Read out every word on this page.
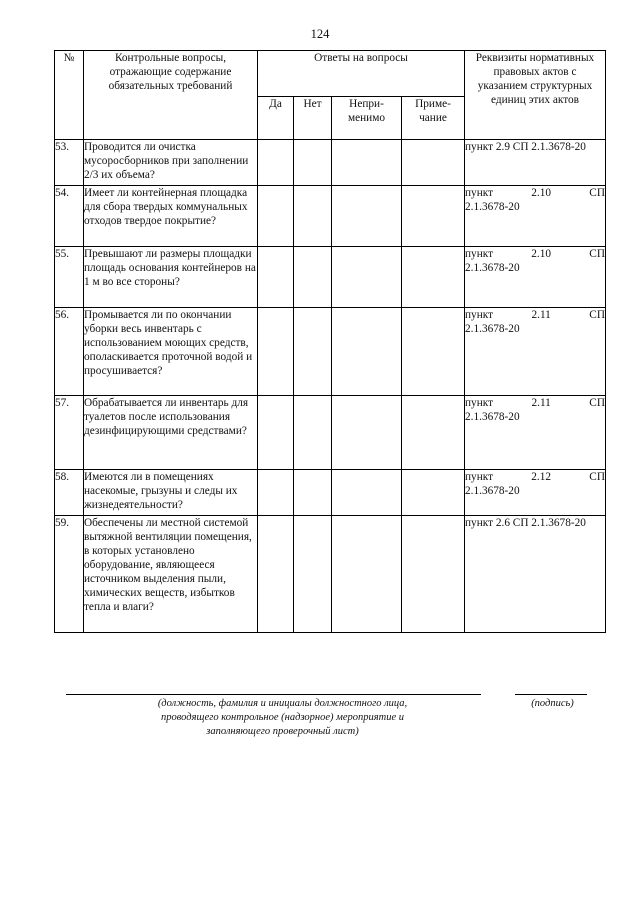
124
№	Контрольные вопросы, отражающие содержание обязательных требований	Ответы на вопросы				Реквизиты нормативных правовых актов с указанием структурных единиц этих актов
		Да	Нет	Непри-менимо	Приме-чание	
53.	Проводится ли очистка мусоросборников при заполнении 2/3 их объема?					пункт 2.9 СП 2.1.3678-20

54.	Имеет ли контейнерная площадка для сбора твердых коммунальных отходов твердое покрытие?					пункт 2.10 СП
2.1.3678-20

55.	Превышают ли размеры площадки площадь основания контейнеров на 1 м во все стороны?					пункт 2.10 СП
2.1.3678-20

56.	Промывается ли по окончании уборки весь инвентарь с использованием моющих средств, ополаскивается проточной водой и просушивается?					пункт 2.11 СП
2.1.3678-20

57.	Обрабатывается ли инвентарь для туалетов после использования дезинфицирующими средствами?					пункт 2.11 СП
2.1.3678-20

58.	Имеются ли в помещениях насекомые, грызуны и следы их жизнедеятельности?					пункт 2.12 СП
2.1.3678-20

59.	Обеспечены ли местной системой вытяжной вентиляции помещения, в которых установлено оборудование, являющееся источником выделения пыли, химических веществ, избытков тепла и влаги?					пункт 2.6 СП 2.1.3678-20
(должность, фамилия и инициалы должностного лица, проводящего контрольное (надзорное) мероприятие и заполняющего проверочный лист)
(подпись)
